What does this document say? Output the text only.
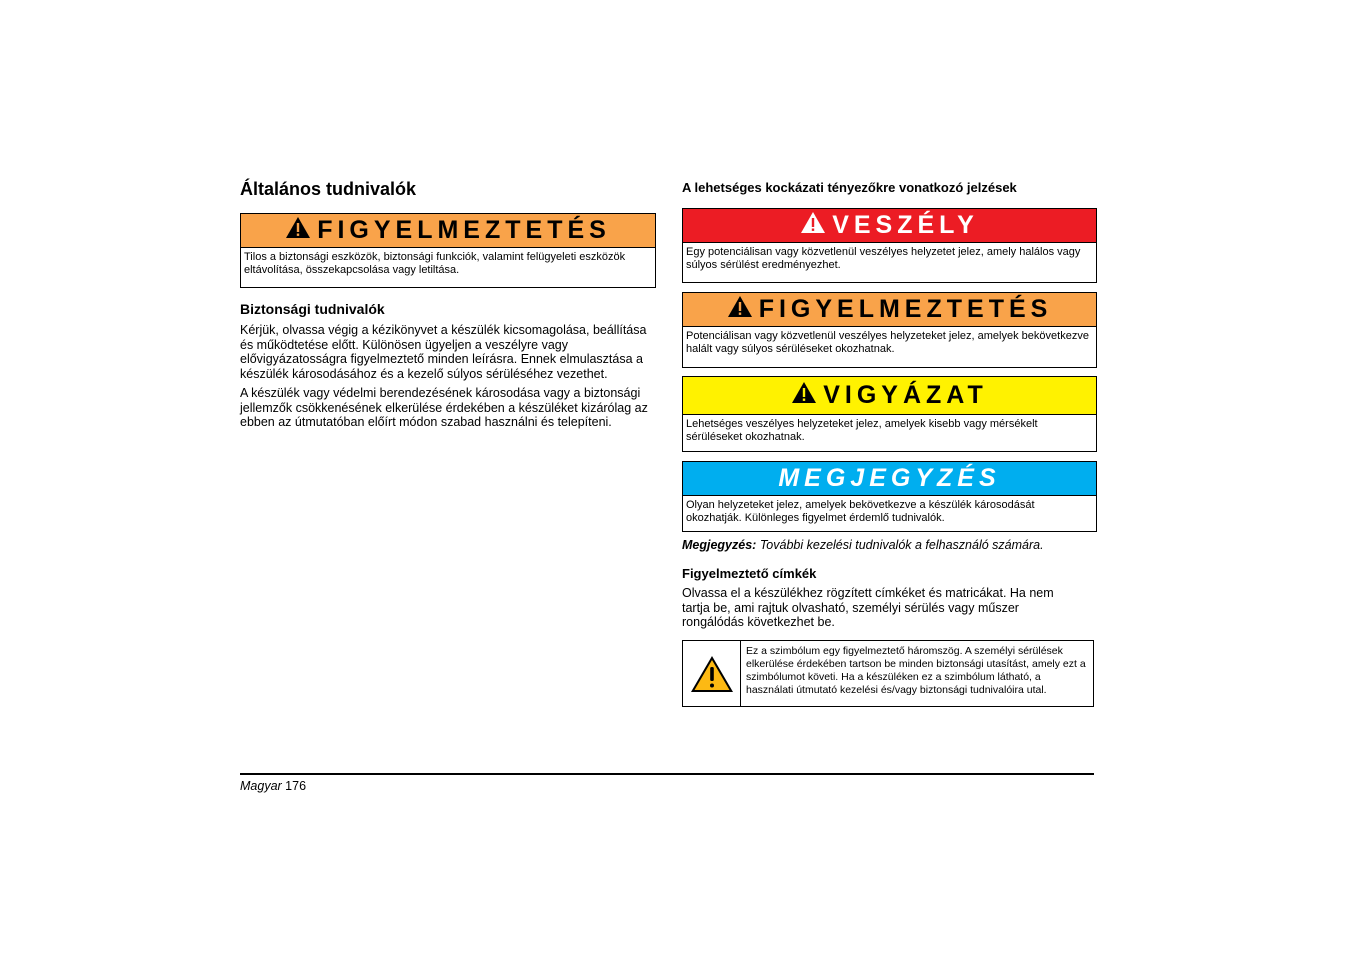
Általános tudnivalók
FIGYELMEZTETÉS
Tilos a biztonsági eszközök, biztonsági funkciók, valamint felügyeleti eszközök eltávolítása, összekapcsolása vagy letiltása.
Biztonsági tudnivalók

Kérjük, olvassa végig a kézikönyvet a készülék kicsomagolása, beállítása és működtetése előtt. Különösen ügyeljen a veszélyre vagy elővigyázatosságra figyelmeztető minden leírásra. Ennek elmulasztása a készülék károsodásához és a kezelő súlyos sérüléséhez vezethet.

A készülék vagy védelmi berendezésének károsodása vagy a biztonsági jellemzők csökkenésének elkerülése érdekében a készüléket kizárólag az ebben az útmutatóban előírt módon szabad használni és telepíteni.

A lehetséges kockázati tényezőkre vonatkozó jelzések
VESZÉLY
Egy potenciálisan vagy közvetlenül veszélyes helyzetet jelez, amely halálos vagy súlyos sérülést eredményezhet.
FIGYELMEZTETÉS
Potenciálisan vagy közvetlenül veszélyes helyzeteket jelez, amelyek bekövetkezve halált vagy súlyos sérüléseket okozhatnak.
VIGYÁZAT
Lehetséges veszélyes helyzeteket jelez, amelyek kisebb vagy mérsékelt sérüléseket okozhatnak.
MEGJEGYZÉS
Olyan helyzeteket jelez, amelyek bekövetkezve a készülék károsodását okozhatják. Különleges figyelmet érdemlő tudnivalók.

Megjegyzés: További kezelési tudnivalók a felhasználó számára.

Figyelmeztető címkék

Olvassa el a készülékhez rögzített címkéket és matricákat. Ha nem tartja be, ami rajtuk olvasható, személyi sérülés vagy műszer rongálódás következhet be.

Ez a szimbólum egy figyelmeztető háromszög. A személyi sérülések elkerülése érdekében tartson be minden biztonsági utasítást, amely ezt a szimbólumot követi. Ha a készüléken ez a szimbólum látható, a használati útmutató kezelési és/vagy biztonsági tudnivalóira utal.
Magyar 176
